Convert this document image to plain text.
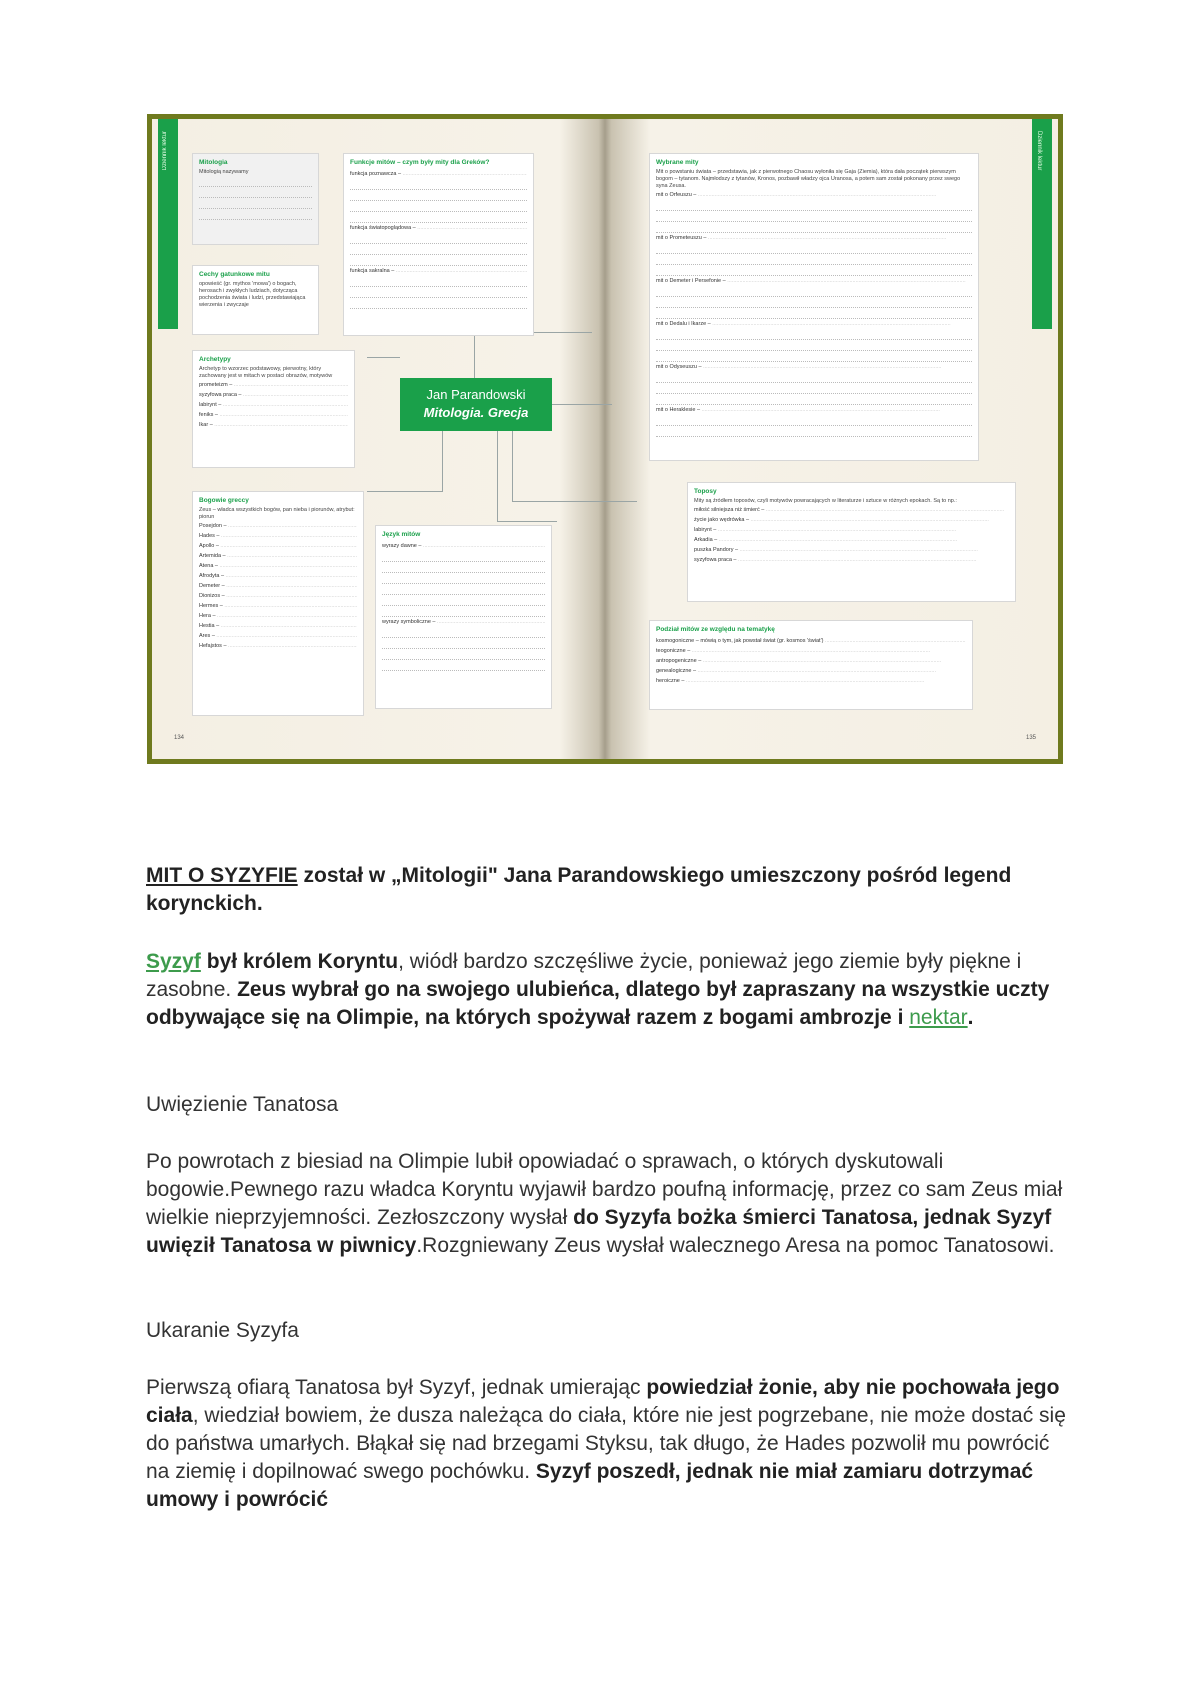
Dziennik lektur	Dziennik lektur
134	135
Mitologia
Mitologią nazywamy
Funkcje mitów – czym były mity dla Greków?
funkcja poznawcza – .....
funkcja światopoglądowa – .....
funkcja sakralna – .....
Cechy gatunkowe mitu
opowieść (gr. mythos 'mowa') o bogach, herosach i zwykłych ludziach, dotycząca pochodzenia świata i ludzi, przedstawiająca wierzenia i zwyczaje
Archetypy
Archetyp to wzorzec podstawowy, pierwotny, który zachowany jest w mitach w postaci obrazów, motywów
prometeizm – .....
syzyfowa praca – .....
labirynt – .....
feniks – .....
Ikar – .....
Bogowie greccy
Zeus – władca wszystkich bogów, pan nieba i piorunów, atrybut: piorun
Posejdon – .....
Hades – .....
Apollo – .....
Artemida – .....
Atena – .....
Afrodyta – .....
Demeter – .....
Dionizos – .....
Hermes – .....
Hera – .....
Hestia – .....
Ares – .....
Hefajstos – .....
Język mitów
wyrazy dawne – .....
wyrazy symboliczne – .....
Jan Parandowski
Mitologia. Grecja
Wybrane mity
Mit o powstaniu świata – przedstawia, jak z pierwotnego Chaosu wyłoniła się Gaja (Ziemia), która dała początek pierwszym bogom – tytanom. Najmłodszy z tytanów, Kronos, pozbawił władzy ojca Uranosa, a potem sam został pokonany przez swego syna Zeusa.
mit o Orfeuszu – .....
mit o Prometeuszu – .....
mit o Demeter i Persefonie – .....
mit o Dedalu i Ikarze – .....
mit o Odyseuszu – .....
mit o Heraklesie – .....
Toposy
Mity są źródłem toposów, czyli motywów powracających w literaturze i sztuce w różnych epokach. Są to np.:
miłość silniejsza niż śmierć – .....
życie jako wędrówka – .....
labirynt – .....
Arkadia – .....
puszka Pandory – .....
syzyfowa praca – .....
Podział mitów ze względu na tematykę
kosmogoniczne – mówią o tym, jak powstał świat (gr. kosmos 'świat') .....
teogoniczne – .....
antropogeniczne – .....
genealogiczne – .....
heroiczne – .....

MIT O SYZYFIE został w „Mitologii" Jana Parandowskiego umieszczony pośród legend korynckich.

Syzyf był królem Koryntu, wiódł bardzo szczęśliwe życie, ponieważ jego ziemie były piękne i zasobne. Zeus wybrał go na swojego ulubieńca, dlatego był zapraszany na wszystkie uczty odbywające się na Olimpie, na których spożywał razem z bogami ambrozje i nektar.

Uwięzienie Tanatosa

Po powrotach z biesiad na Olimpie lubił opowiadać o sprawach, o których dyskutowali bogowie.Pewnego razu władca Koryntu wyjawił bardzo poufną informację, przez co sam Zeus miał wielkie nieprzyjemności. Zezłoszczony wysłał do Syzyfa bożka śmierci Tanatosa, jednak Syzyf uwięził Tanatosa w piwnicy.Rozgniewany Zeus wysłał walecznego Aresa na pomoc Tanatosowi.

Ukaranie Syzyfa

Pierwszą ofiarą Tanatosa był Syzyf, jednak umierając powiedział żonie, aby nie pochowała jego ciała, wiedział bowiem, że dusza należąca do ciała, które nie jest pogrzebane, nie może dostać się do państwa umarłych. Błąkał się nad brzegami Styksu, tak długo, że Hades pozwolił mu powrócić na ziemię i dopilnować swego pochówku. Syzyf poszedł, jednak nie miał zamiaru dotrzymać umowy i powrócić
